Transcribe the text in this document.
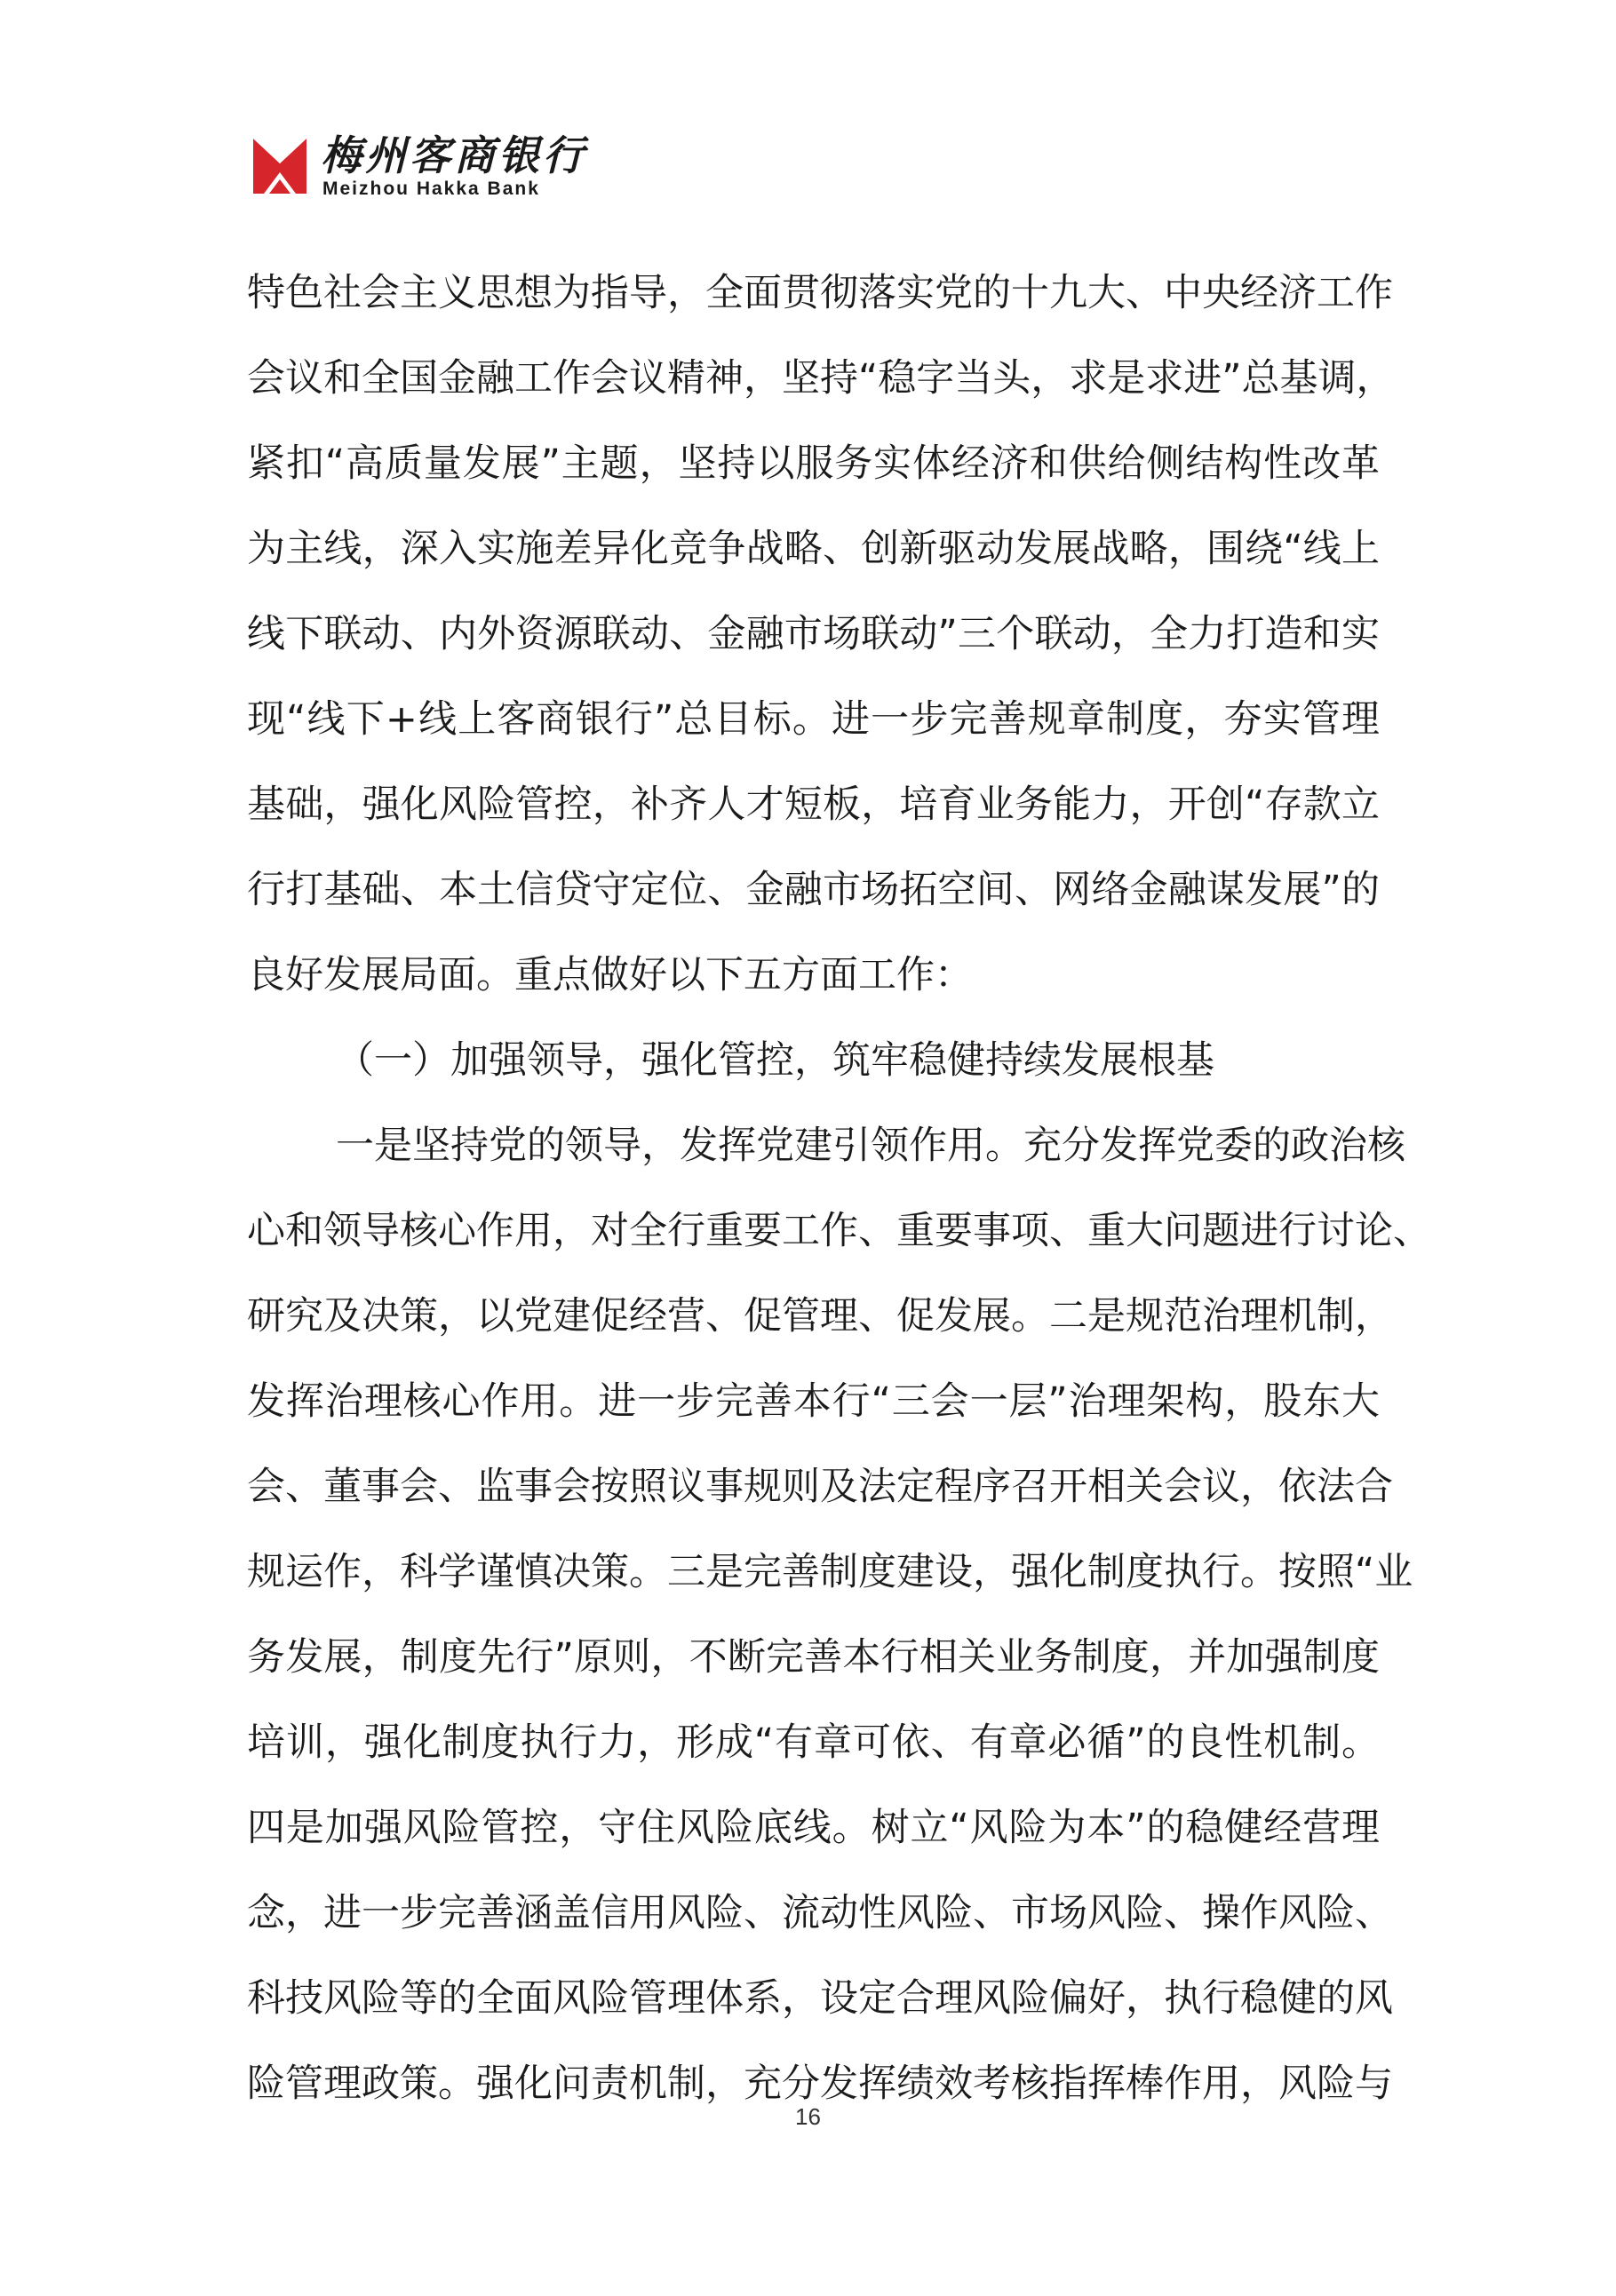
梅州客商银行
Meizhou Hakka Bank
特色社会主义思想为指导，全面贯彻落实党的十九大、中央经济工作
会议和全国金融工作会议精神，坚持“稳字当头，求是求进”总基调，
紧扣“高质量发展”主题，坚持以服务实体经济和供给侧结构性改革
为主线，深入实施差异化竞争战略、创新驱动发展战略，围绕“线上
线下联动、内外资源联动、金融市场联动”三个联动，全力打造和实
现“线下+线上客商银行”总目标。进一步完善规章制度，夯实管理
基础，强化风险管控，补齐人才短板，培育业务能力，开创“存款立
行打基础、本土信贷守定位、金融市场拓空间、网络金融谋发展”的
良好发展局面。重点做好以下五方面工作：
（一）加强领导，强化管控，筑牢稳健持续发展根基
一是坚持党的领导，发挥党建引领作用。充分发挥党委的政治核
心和领导核心作用，对全行重要工作、重要事项、重大问题进行讨论、
研究及决策，以党建促经营、促管理、促发展。二是规范治理机制，
发挥治理核心作用。进一步完善本行“三会一层”治理架构，股东大
会、董事会、监事会按照议事规则及法定程序召开相关会议，依法合
规运作，科学谨慎决策。三是完善制度建设，强化制度执行。按照“业
务发展，制度先行”原则，不断完善本行相关业务制度，并加强制度
培训，强化制度执行力，形成“有章可依、有章必循”的良性机制。
四是加强风险管控，守住风险底线。树立“风险为本”的稳健经营理
念，进一步完善涵盖信用风险、流动性风险、市场风险、操作风险、
科技风险等的全面风险管理体系，设定合理风险偏好，执行稳健的风
险管理政策。强化问责机制，充分发挥绩效考核指挥棒作用，风险与
16
